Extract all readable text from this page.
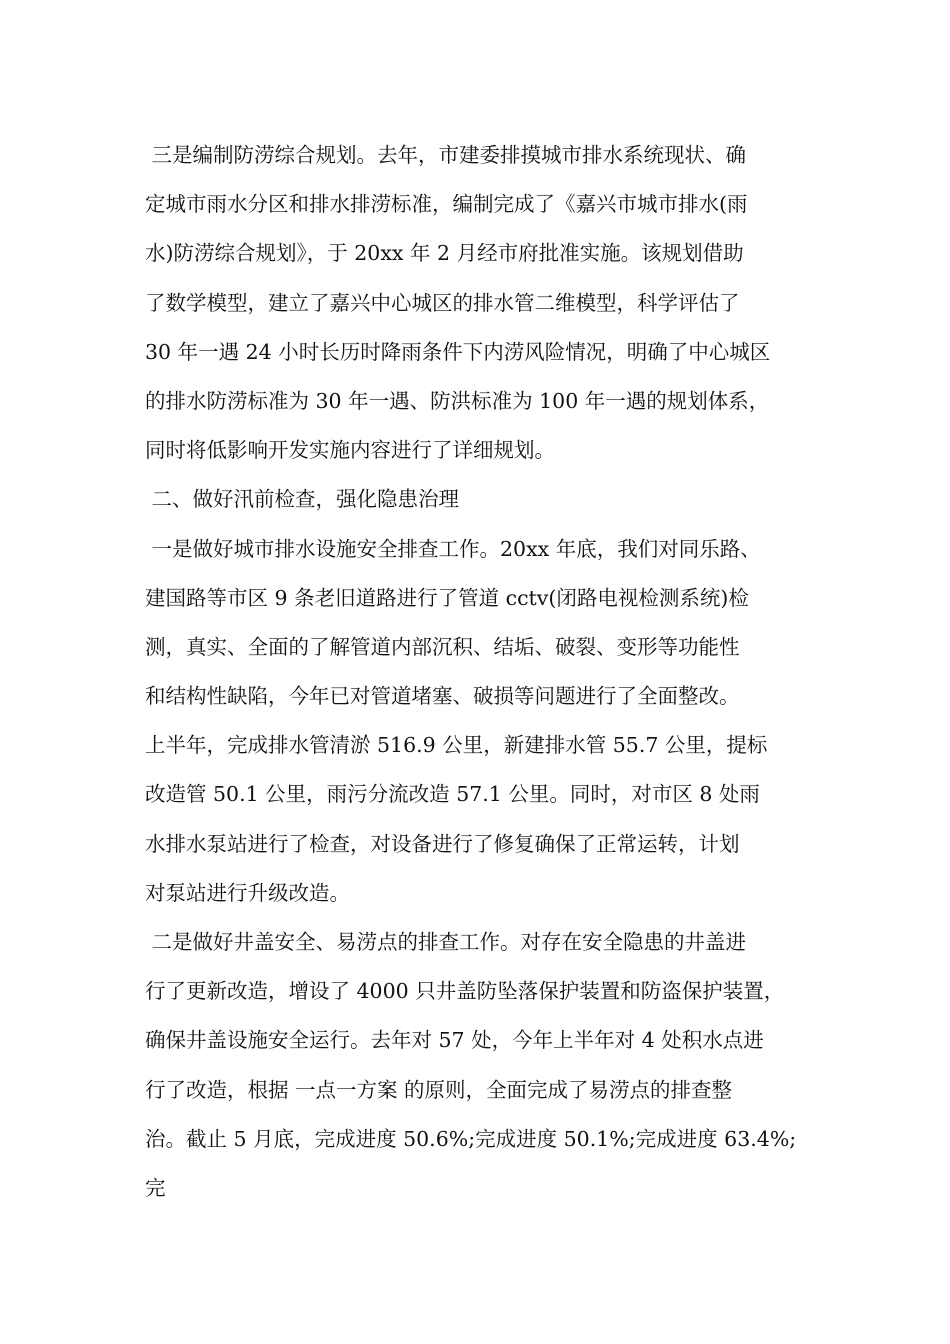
三是编制防涝综合规划。去年，市建委排摸城市排水系统现状、确
定城市雨水分区和排水排涝标准，编制完成了《嘉兴市城市排水(雨
水)防涝综合规划》，于 20xx 年 2 月经市府批准实施。该规划借助
了数学模型，建立了嘉兴中心城区的排水管二维模型，科学评估了
30 年一遇 24 小时长历时降雨条件下内涝风险情况，明确了中心城区
的排水防涝标准为 30 年一遇、防洪标准为 100 年一遇的规划体系，
同时将低影响开发实施内容进行了详细规划。
二、做好汛前检查，强化隐患治理
一是做好城市排水设施安全排查工作。20xx 年底，我们对同乐路、
建国路等市区 9 条老旧道路进行了管道 cctv(闭路电视检测系统)检
测，真实、全面的了解管道内部沉积、结垢、破裂、变形等功能性
和结构性缺陷，今年已对管道堵塞、破损等问题进行了全面整改。
上半年，完成排水管清淤 516.9 公里，新建排水管 55.7 公里，提标
改造管 50.1 公里，雨污分流改造 57.1 公里。同时，对市区 8 处雨
水排水泵站进行了检查，对设备进行了修复确保了正常运转，计划
对泵站进行升级改造。
二是做好井盖安全、易涝点的排查工作。对存在安全隐患的井盖进
行了更新改造，增设了 4000 只井盖防坠落保护装置和防盗保护装置，
确保井盖设施安全运行。去年对 57 处，今年上半年对 4 处积水点进
行了改造，根据 一点一方案 的原则，全面完成了易涝点的排查整
治。截止 5 月底，完成进度 50.6%;完成进度 50.1%;完成进度 63.4%;
完
